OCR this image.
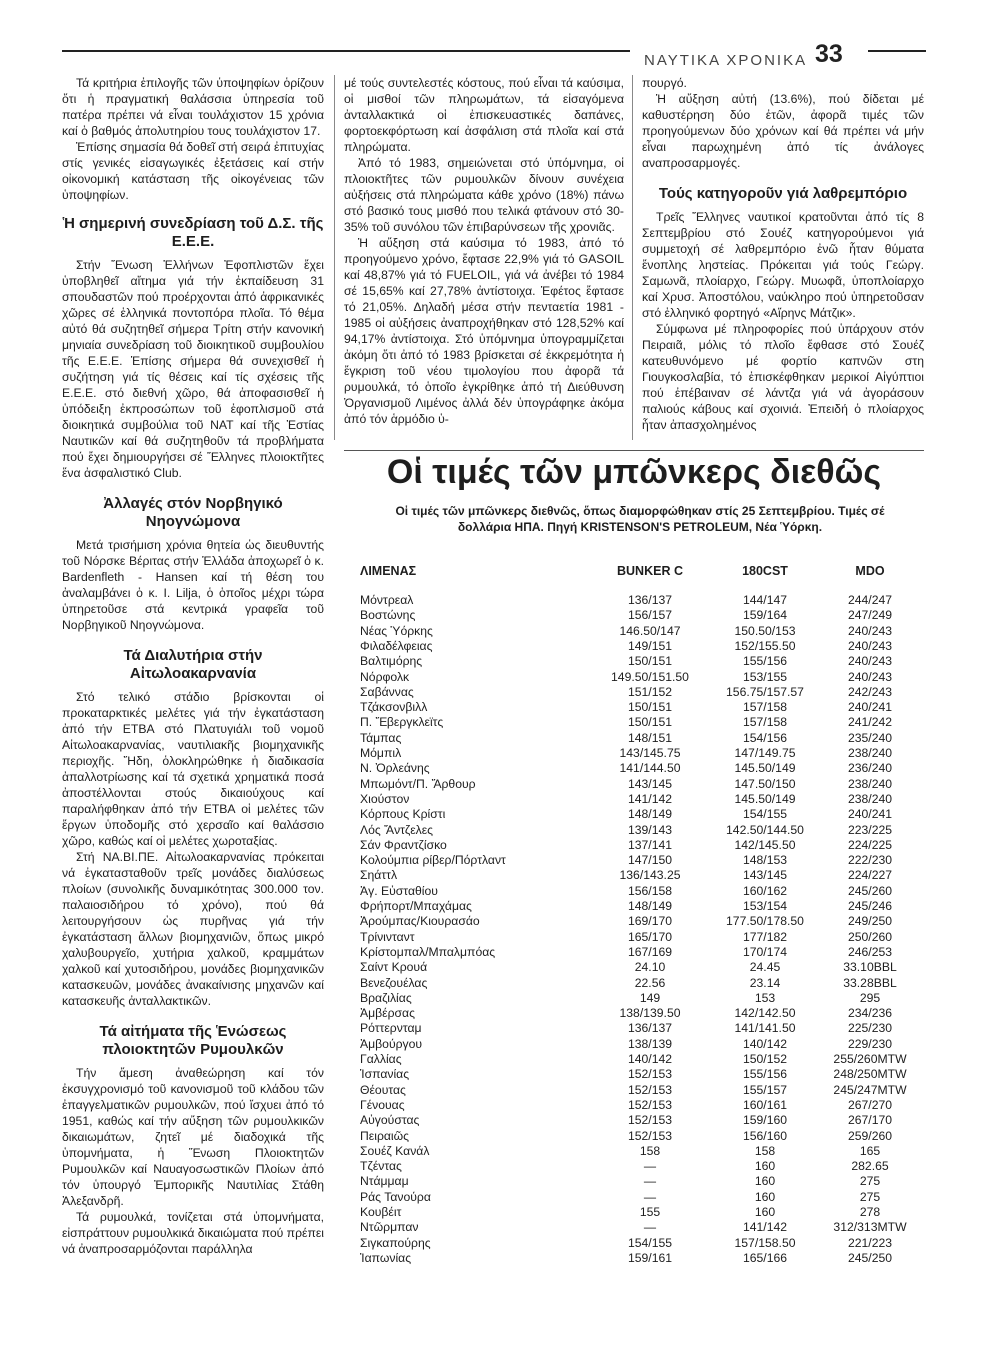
ΝΑΥΤΙΚΑ ΧΡΟΝΙΚΑ 33

Τά κριτήρια ἐπιλογῆς τῶν ὑποψηφίων ὁρίζουν ὅτι ἡ πραγματική θαλάσσια ὑπηρεσία τοῦ πατέρα πρέπει νά εἶναι τουλάχιστον 15 χρόνια καί ὁ βαθμός ἀπολυτηρίου τους τουλάχιστον 17.

Ἐπίσης σημασία θά δοθεῖ στή σειρά ἐπιτυχίας στίς γενικές εἰσαγωγικές ἐξετάσεις καί στήν οἰκονομική κατάσταση τῆς οἰκογένειας τῶν ὑποψηφίων.

Ἡ σημερινή συνεδρίαση τοῦ Δ.Σ. τῆς Ε.Ε.Ε.

Στήν Ἕνωση Ἑλλήνων Ἐφοπλιστῶν ἔχει ὑποβληθεῖ αἴτημα γιά τήν ἐκπαίδευση 31 σπουδαστῶν πού προέρχονται ἀπό ἀφρικανικές χῶρες σέ ἑλληνικά ποντοπόρα πλοῖα. Τό θέμα αὐτό θά συζητηθεῖ σήμερα Τρίτη στήν κανονική μηνιαία συνεδρίαση τοῦ διοικητικοῦ συμβουλίου τῆς Ε.Ε.Ε. Ἐπίσης σήμερα θά συνεχισθεῖ ἡ συζήτηση γιά τίς θέσεις καί τίς σχέσεις τῆς Ε.Ε.Ε. στό διεθνή χῶρο, θά ἀποφασισθεῖ ἡ ὑπόδειξη ἐκπροσώπων τοῦ ἐφοπλισμοῦ στά διοικητικά συμβούλια τοῦ ΝΑΤ καί τῆς Ἑστίας Ναυτικῶν καί θά συζητηθοῦν τά προβλήματα πού ἔχει δημιουργήσει σέ Ἕλληνες πλοιοκτῆτες ἕνα ἀσφαλιστικό Club.

Ἀλλαγές στόν Νορβηγικό Νηογνώμονα

Μετά τρισήμιση χρόνια θητεία ὡς διευθυντής τοῦ Νόρσκε Βέριτας στήν Ἑλλάδα ἀποχωρεῖ ὁ κ. Bardenfleth - Hansen καί τή θέση του ἀναλαμβάνει ὁ κ. I. Lilja, ὁ ὁποῖος μέχρι τώρα ὑπηρετοῦσε στά κεντρικά γραφεῖα τοῦ Νορβηγικοῦ Νηογνώμονα.

Τά Διαλυτήρια στήν Αἰτωλοακαρνανία

Στό τελικό στάδιο βρίσκονται οἱ προκαταρκτικές μελέτες γιά τήν ἐγκατάσταση ἀπό τήν ΕΤΒΑ στό Πλατυγιάλι τοῦ νομοῦ Αἰτωλοακαρνανίας, ναυτιλιακῆς βιομηχανικῆς περιοχῆς. Ἤδη, ὁλοκληρώθηκε ἡ διαδικασία ἀπαλλοτρίωσης καί τά σχετικά χρηματικά ποσά ἀποστέλλονται στούς δικαιούχους καί παραλήφθηκαν ἀπό τήν ΕΤΒΑ οἱ μελέτες τῶν ἔργων ὑποδομῆς στό χερσαῖο καί θαλάσσιο χῶρο, καθώς καί οἱ μελέτες χωροταξίας.

Στή ΝΑ.ΒΙ.ΠΕ. Αἰτωλοακαρνανίας πρόκειται νά ἐγκατασταθοῦν τρεῖς μονάδες διαλύσεως πλοίων (συνολικῆς δυναμικότητας 300.000 τον. παλαιοσιδήρου τό χρόνο), πού θά λειτουργήσουν ὡς πυρῆνας γιά τήν ἐγκατάσταση ἄλλων βιομηχανιῶν, ὅπως μικρό χαλυβουργεῖο, χυτήρια χαλκοῦ, κραμμάτων χαλκοῦ καί χυτοσιδήρου, μονάδες βιομηχανικῶν κατασκευῶν, μονάδες ἀνακαίνισης μηχανῶν καί κατασκευῆς ἀνταλλακτικῶν.

Τά αἰτήματα τῆς Ἑνώσεως πλοιοκτητῶν Ρυμουλκῶν

Τήν ἄμεση ἀναθεώρηση καί τόν ἐκσυγχρονισμό τοῦ κανονισμοῦ τοῦ κλάδου τῶν ἐπαγγελματικῶν ρυμουλκῶν, πού ἴσχυει ἀπό τό 1951, καθώς καί τήν αὔξηση τῶν ρυμουλκικῶν δικαιωμάτων, ζητεῖ μέ διαδοχικά τῆς ὑπομνήματα, ἡ Ἕνωση Πλοιοκτητῶν Ρυμουλκῶν καί Ναυαγοσωστικῶν Πλοίων ἀπό τόν ὑπουργό Ἐμπορικῆς Ναυτιλίας Στάθη Ἀλεξανδρῆ.

Τά ρυμουλκά, τονίζεται στά ὑπομνήματα, εἰσπράττουν ρυμουλκικά δικαιώματα πού πρέπει νά ἀναπροσαρμόζονται παράλληλα

μέ τούς συντελεστές κόστους, πού εἶναι τά καύσιμα, οἱ μισθοί τῶν πληρωμάτων, τά εἰσαγόμενα ἀνταλλακτικά οἱ ἐπισκευαστικές δαπάνες, φορτοεκφόρτωση καί ἀσφάλιση στά πλοῖα καί στά πληρώματα.

Ἀπό τό 1983, σημειώνεται στό ὑπόμνημα, οἱ πλοιοκτῆτες τῶν ρυμουλκῶν δίνουν συνέχεια αὐξήσεις στά πληρώματα κάθε χρόνο (18%) πάνω στό βασικό τους μισθό που τελικά φτάνουν στό 30-35% τοῦ συνόλου τῶν ἐπιβαρύνσεων τῆς χρονιᾶς.

Ἡ αὔξηση στά καύσιμα τό 1983, ἀπό τό προηγούμενο χρόνο, ἔφτασε 22,9% γιά τό GASOIL καί 48,87% γιά τό FUELOIL, γιά νά ἀνέβει τό 1984 σέ 15,65% καί 27,78% ἀντίστοιχα. Ἐφέτος ἔφτασε τό 21,05%. Δηλαδή μέσα στήν πενταετία 1981 - 1985 οἱ αὐξήσεις ἀναπροχήθηκαν στό 128,52% καί 94,17% ἀντίστοιχα. Στό ὑπόμνημα ὑπογραμμίζεται ἀκόμη ὅτι ἀπό τό 1983 βρίσκεται σέ ἐκκρεμότητα ἡ ἔγκριση τοῦ νέου τιμολογίου που ἀφορᾶ τά ρυμουλκά, τό ὁποῖο ἐγκρίθηκε ἀπό τή Διεύθυνση Ὀργανισμοῦ Λιμένος ἀλλά δέν ὑπογράφηκε ἀκόμα ἀπό τόν ἁρμόδιο ὑ-

πουργό.

Ἡ αὔξηση αὐτή (13.6%), πού δίδεται μέ καθυστέρηση δύο ἐτῶν, ἀφορᾶ τιμές τῶν προηγούμενων δύο χρόνων καί θά πρέπει νά μήν εἶναι παρωχημένη ἀπό τίς ἀνάλογες αναπροσαρμογές.

Τούς κατηγοροῦν γιά λαθρεμπόριο

Τρεῖς Ἕλληνες ναυτικοί κρατοῦνται ἀπό τίς 8 Σεπτεμβρίου στό Σουέζ κατηγορούμενοι γιά συμμετοχή σέ λαθρεμπόριο ἐνῶ ἦταν θύματα ἔνοπλης ληστείας. Πρόκειται γιά τούς Γεώργ. Σαμωνᾶ, πλοίαρχο, Γεώργ. Μυωφᾶ, ὑποπλοίαρχο καί Χρυσ. Ἀποστόλου, ναύκληρο πού ὑπηρετοῦσαν στό ἑλληνικό φορτηγό «Αἴρηνς Μάτζικ».

Σύμφωνα μέ πληροφορίες πού ὑπάρχουν στόν Πειραιᾶ, μόλις τό πλοῖο ἔφθασε στό Σουέζ κατευθυνόμενο μέ φορτίο καπνῶν στη Γιουγκοσλαβία, τό ἐπισκέφθηκαν μερικοί Αἰγύπτιοι πού ἐπέβαιναν σέ λάντζα γιά νά ἀγοράσουν παλιούς κάβους καί σχοινιά. Ἐπειδή ὁ πλοίαρχος ἦταν ἀπασχολημένος

Οἱ τιμές τῶν μπῶνκερς διεθῶς
Οἱ τιμές τῶν μπῶνκερς διεθνῶς, ὅπως διαμορφώθηκαν στίς 25 Σεπτεμβρίου. Τιμές σέ δολλάρια ΗΠΑ. Πηγή KRISTENSON'S PETROLEUM, Νέα Ὑόρκη.
ΛΙΜΕΝΑΣ	BUNKER C	180CST	MDO
Μόντρεαλ	136/137	144/147	244/247
Βοστώνης	156/157	159/164	247/249
Νέας Ὑόρκης	146.50/147	150.50/153	240/243
Φιλαδέλφειας	149/151	152/155.50	240/243
Βαλτιμόρης	150/151	155/156	240/243
Νόρφολκ	149.50/151.50	153/155	240/243
Σαβάννας	151/152	156.75/157.57	242/243
Τζάκσονβιλλ	150/151	157/158	240/241
Π. Ἔβεργκλεϊτς	150/151	157/158	241/242
Τάμπας	148/151	154/156	235/240
Μόμπιλ	143/145.75	147/149.75	238/240
Ν. Ὀρλεάνης	141/144.50	145.50/149	236/240
Μπωμόντ/Π. Ἄρθουρ	143/145	147.50/150	238/240
Χιούστον	141/142	145.50/149	238/240
Κόρπους Κρίστι	148/149	154/155	240/241
Λός Ἄντζελες	139/143	142.50/144.50	223/225
Σάν Φραντζίσκο	137/141	142/145.50	224/225
Κολούμπια ρίβερ/Πόρτλαντ	147/150	148/153	222/230
Σηάττλ	136/143.25	143/145	224/227
Ἁγ. Εὐσταθίου	156/158	160/162	245/260
Φρήπορτ/Μπαχάμας	148/149	153/154	245/246
Ἀρούμπας/Κιουρασάο	169/170	177.50/178.50	249/250
Τρίνινταντ	165/170	177/182	250/260
Κρίστομπαλ/Μπαλμπόας	167/169	170/174	246/253
Σαίντ Κρουά	24.10	24.45	33.10BBL
Βενεζουέλας	22.56	23.14	33.28BBL
Βραζιλίας	149	153	295
Ἀμβέρσας	138/139.50	142/142.50	234/236
Ρόττερνταμ	136/137	141/141.50	225/230
Ἀμβούργου	138/139	140/142	229/230
Γαλλίας	140/142	150/152	255/260MTW
Ἱσπανίας	152/153	155/156	248/250MTW
Θέουτας	152/153	155/157	245/247MTW
Γένουας	152/153	160/161	267/270
Αὐγούστας	152/153	159/160	267/170
Πειραιῶς	152/153	156/160	259/260
Σουέζ Κανάλ	158	158	165
Τζέντας	—	160	282.65
Ντάμμαμ	—	160	275
Ράς Τανούρα	—	160	275
Κουβέιτ	155	160	278
Ντῶρμπαν	—	141/142	312/313MTW
Σιγκαπούρης	154/155	157/158.50	221/223
Ἰαπωνίας	159/161	165/166	245/250
